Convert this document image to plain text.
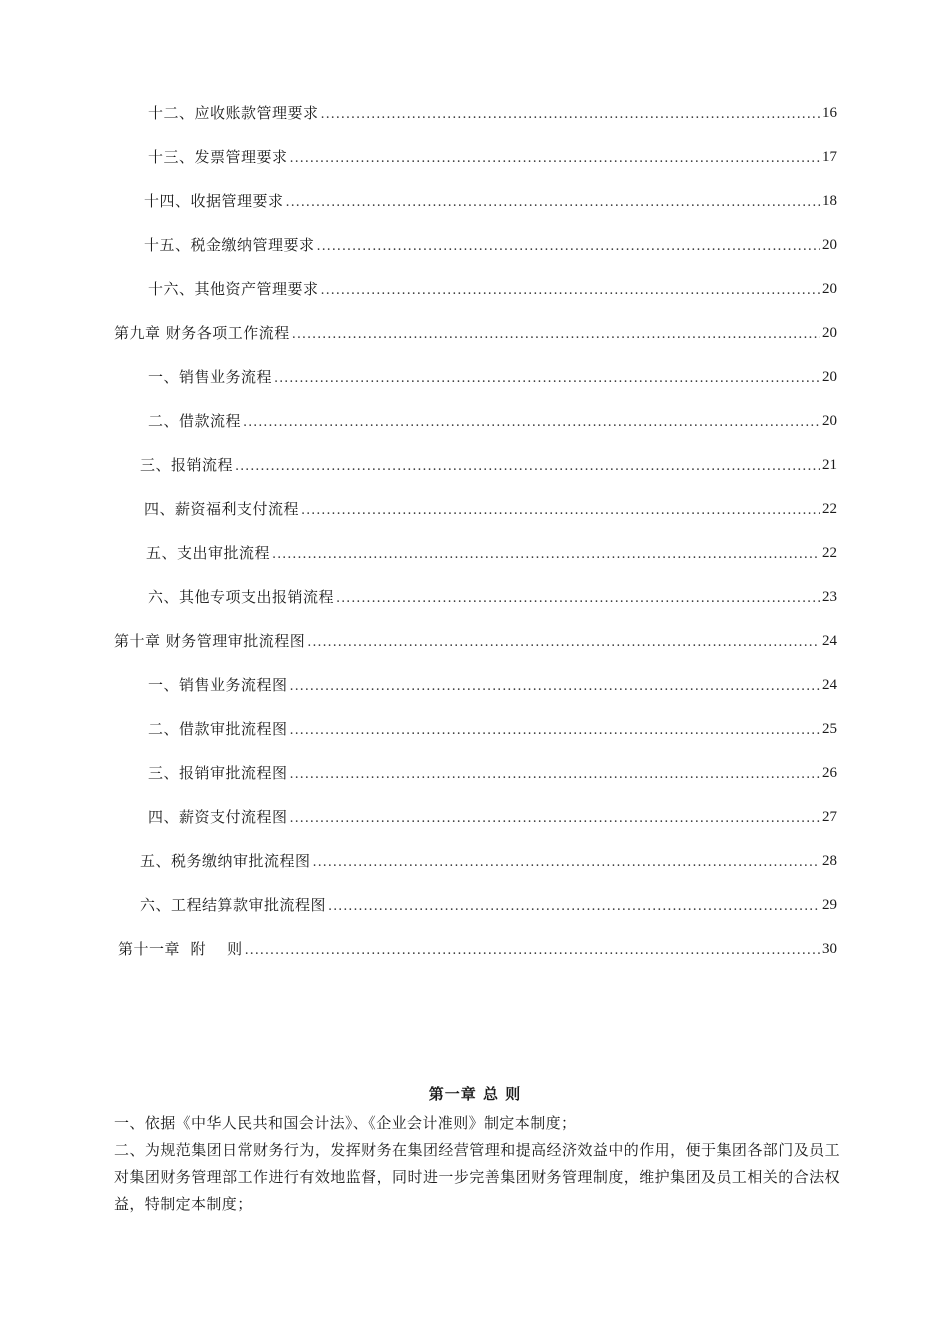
十二、应收账款管理要求 . . .	16
十三、发票管理要求 . . .	17
十四、收据管理要求 . . .	18
十五、税金缴纳管理要求 . . .	20
十六、其他资产管理要求 . . .	20
第九章 财务各项工作流程 . . .	20
一、销售业务流程 . . .	20
二、借款流程 . . .	20
三、报销流程 . . .	21
四、薪资福利支付流程 . . .	22
五、支出审批流程 . . .	22
六、其他专项支出报销流程 . . .	23
第十章 财务管理审批流程图 . . .	24
一、销售业务流程图 . . .	24
二、借款审批流程图 . . .	25
三、报销审批流程图 . . .	26
四、薪资支付流程图 . . .	27
五、税务缴纳审批流程图 . . .	28
六、工程结算款审批流程图 . . .	29
第十一章  附    则 . . .	30
第一章 总 则

一、依据《中华人民共和国会计法》、《企业会计准则》制定本制度；

二、为规范集团日常财务行为，发挥财务在集团经营管理和提高经济效益中的作用，便于集团各部门及员工对集团财务管理部工作进行有效地监督，同时进一步完善集团财务管理制度，维护集团及员工相关的合法权益，特制定本制度；
